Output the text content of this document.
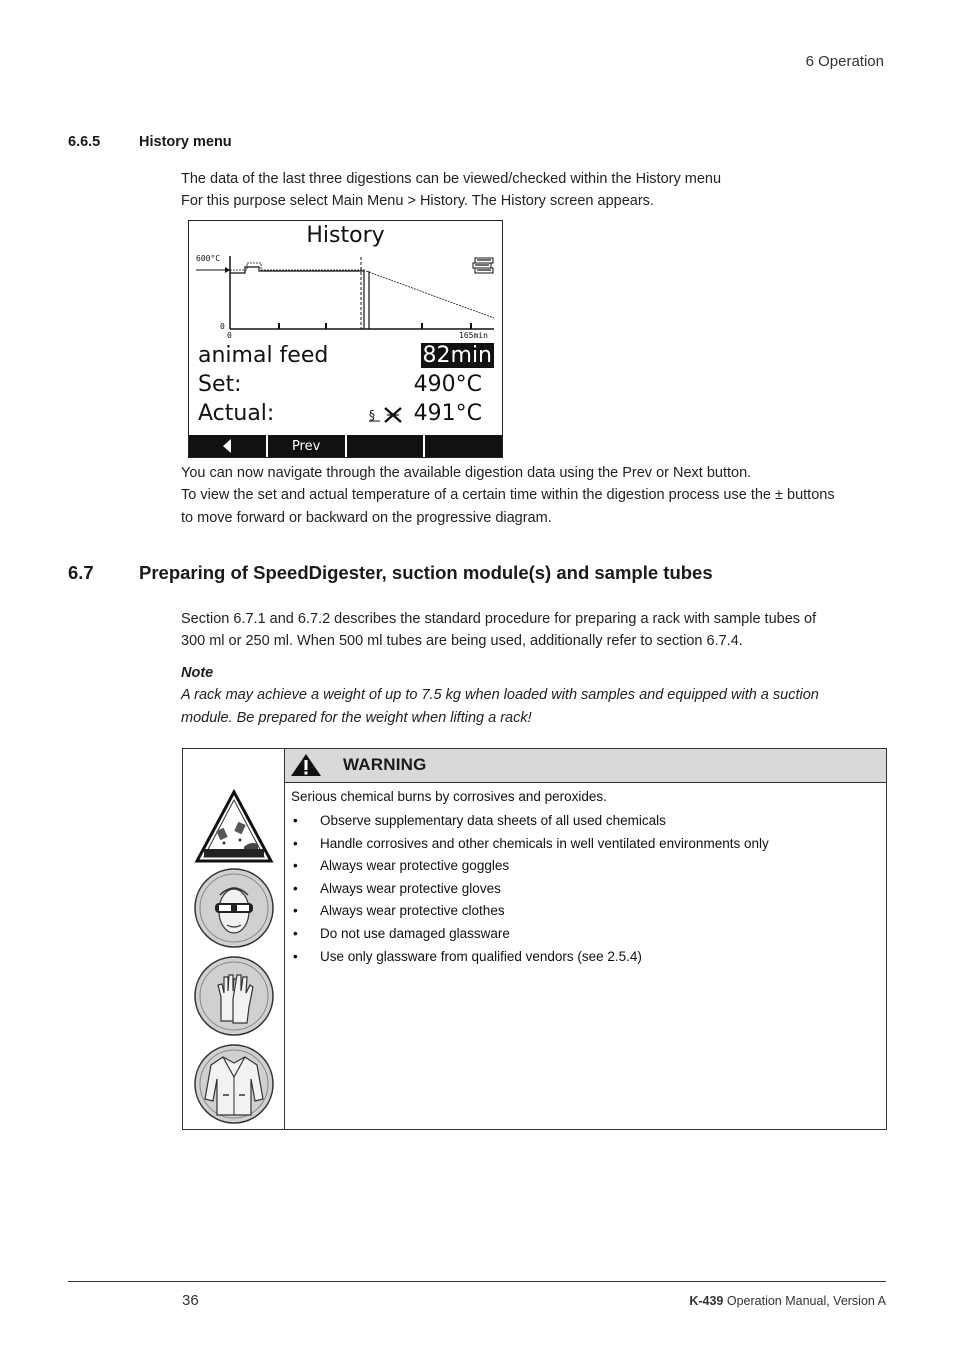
6 Operation
6.6.5	History menu
The data of the last three digestions can be viewed/checked within the History menu
For this purpose select Main Menu > History. The History screen appears.
History
600°C
0
0	165min
animal feed	82min
Set:	490°C
Actual:	§ 491°C
Prev
You can now navigate through the available digestion data using the Prev or Next button.
To view the set and actual temperature of a certain time within the digestion process use the ± buttons
to move forward or backward on the progressive diagram.
6.7 Preparing of SpeedDigester, suction module(s) and sample tubes
Section 6.7.1 and 6.7.2 describes the standard procedure for preparing a rack with sample tubes of
300 ml or 250 ml. When 500 ml tubes are being used, additionally refer to section 6.7.4.
Note
A rack may achieve a weight of up to 7.5 kg when loaded with samples and equipped with a suction
module. Be prepared for the weight when lifting a rack!
WARNING
Serious chemical burns by corrosives and peroxides.
• Observe supplementary data sheets of all used chemicals
• Handle corrosives and other chemicals in well ventilated environments only
• Always wear protective goggles
• Always wear protective gloves
• Always wear protective clothes
• Do not use damaged glassware
• Use only glassware from qualified vendors (see 2.5.4)
36	K-439 Operation Manual, Version A
